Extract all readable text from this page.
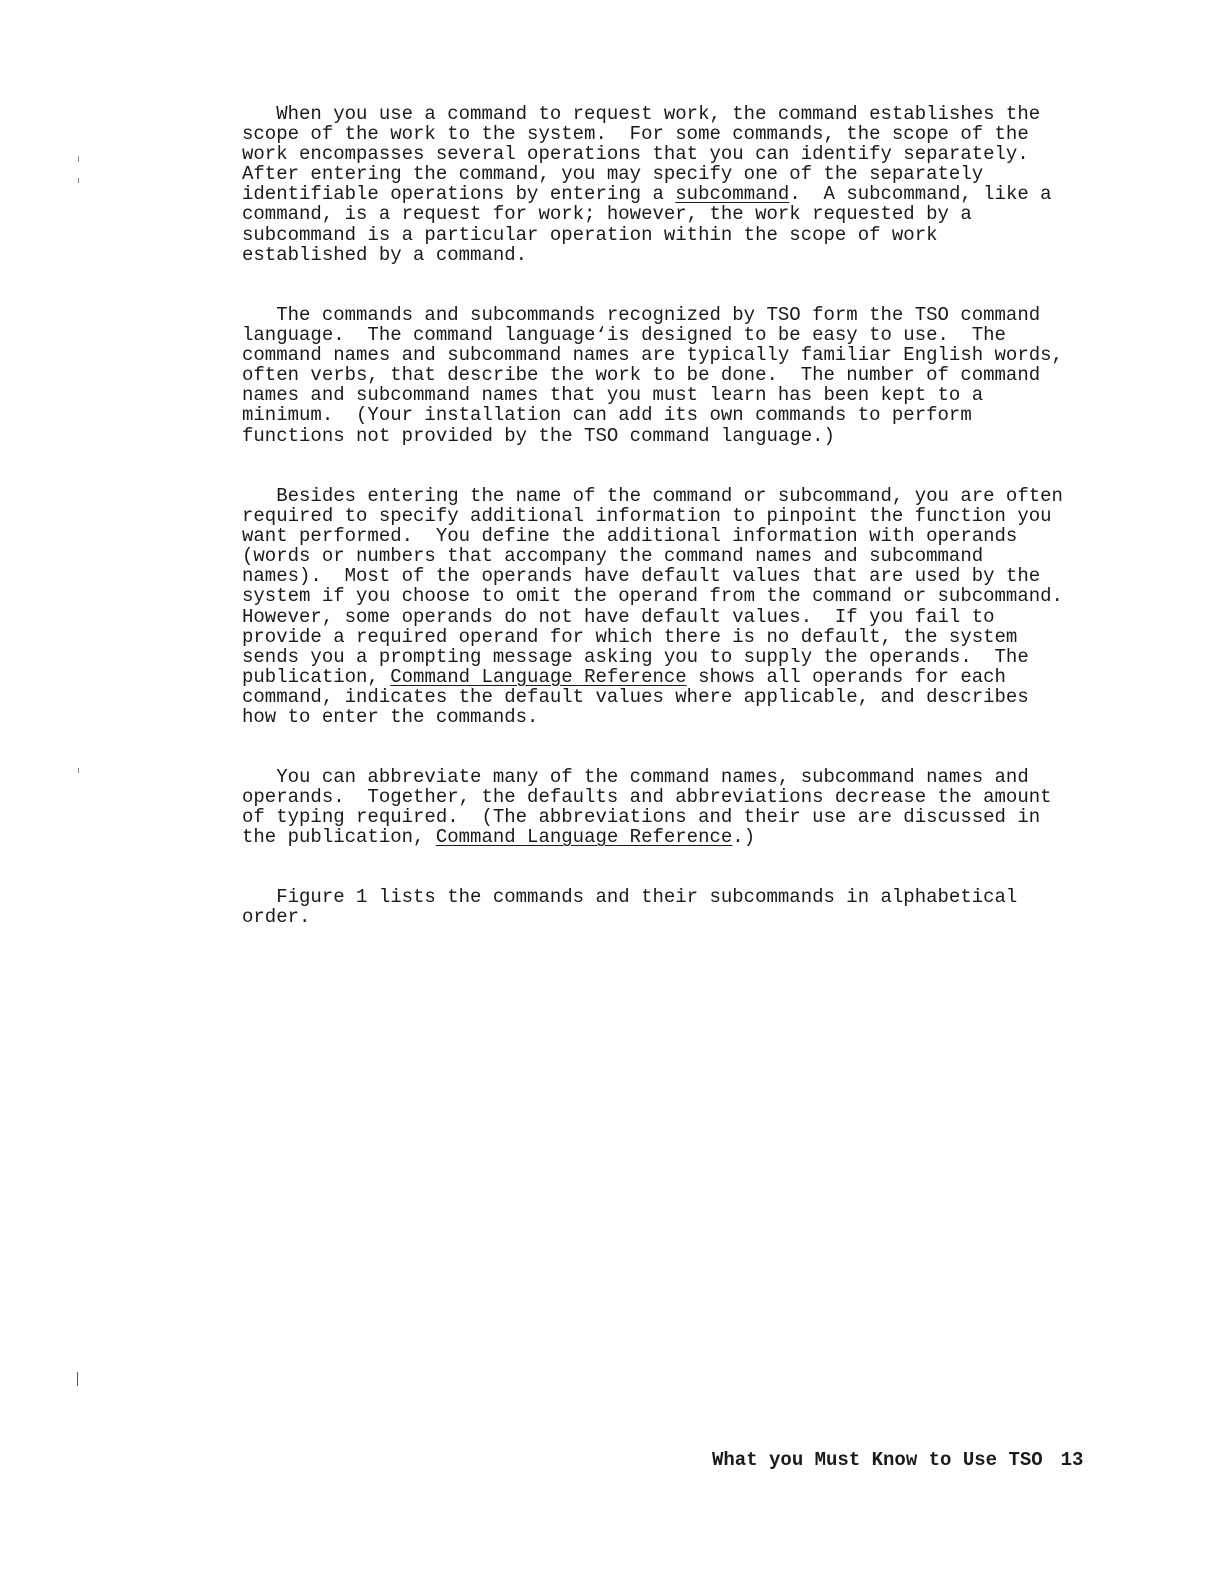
When you use a command to request work, the command establishes the
scope of the work to the system.  For some commands, the scope of the
work encompasses several operations that you can identify separately.
After entering the command, you may specify one of the separately
identifiable operations by entering a subcommand.  A subcommand, like a
command, is a request for work; however, the work requested by a
subcommand is a particular operation within the scope of work
established by a command.

The commands and subcommands recognized by TSO form the TSO command
language.  The command language‘is designed to be easy to use.  The
command names and subcommand names are typically familiar English words,
often verbs, that describe the work to be done.  The number of command
names and subcommand names that you must learn has been kept to a
minimum.  (Your installation can add its own commands to perform
functions not provided by the TSO command language.)

Besides entering the name of the command or subcommand, you are often
required to specify additional information to pinpoint the function you
want performed.  You define the additional information with operands
(words or numbers that accompany the command names and subcommand
names).  Most of the operands have default values that are used by the
system if you choose to omit the operand from the command or subcommand.
However, some operands do not have default values.  If you fail to
provide a required operand for which there is no default, the system
sends you a prompting message asking you to supply the operands.  The
publication, Command Language Reference shows all operands for each
command, indicates the default values where applicable, and describes
how to enter the commands.

You can abbreviate many of the command names, subcommand names and
operands.  Together, the defaults and abbreviations decrease the amount
of typing required.  (The abbreviations and their use are discussed in
the publication, Command Language Reference.)

Figure 1 lists the commands and their subcommands in alphabetical
order.

What you Must Know to Use TSO 13
